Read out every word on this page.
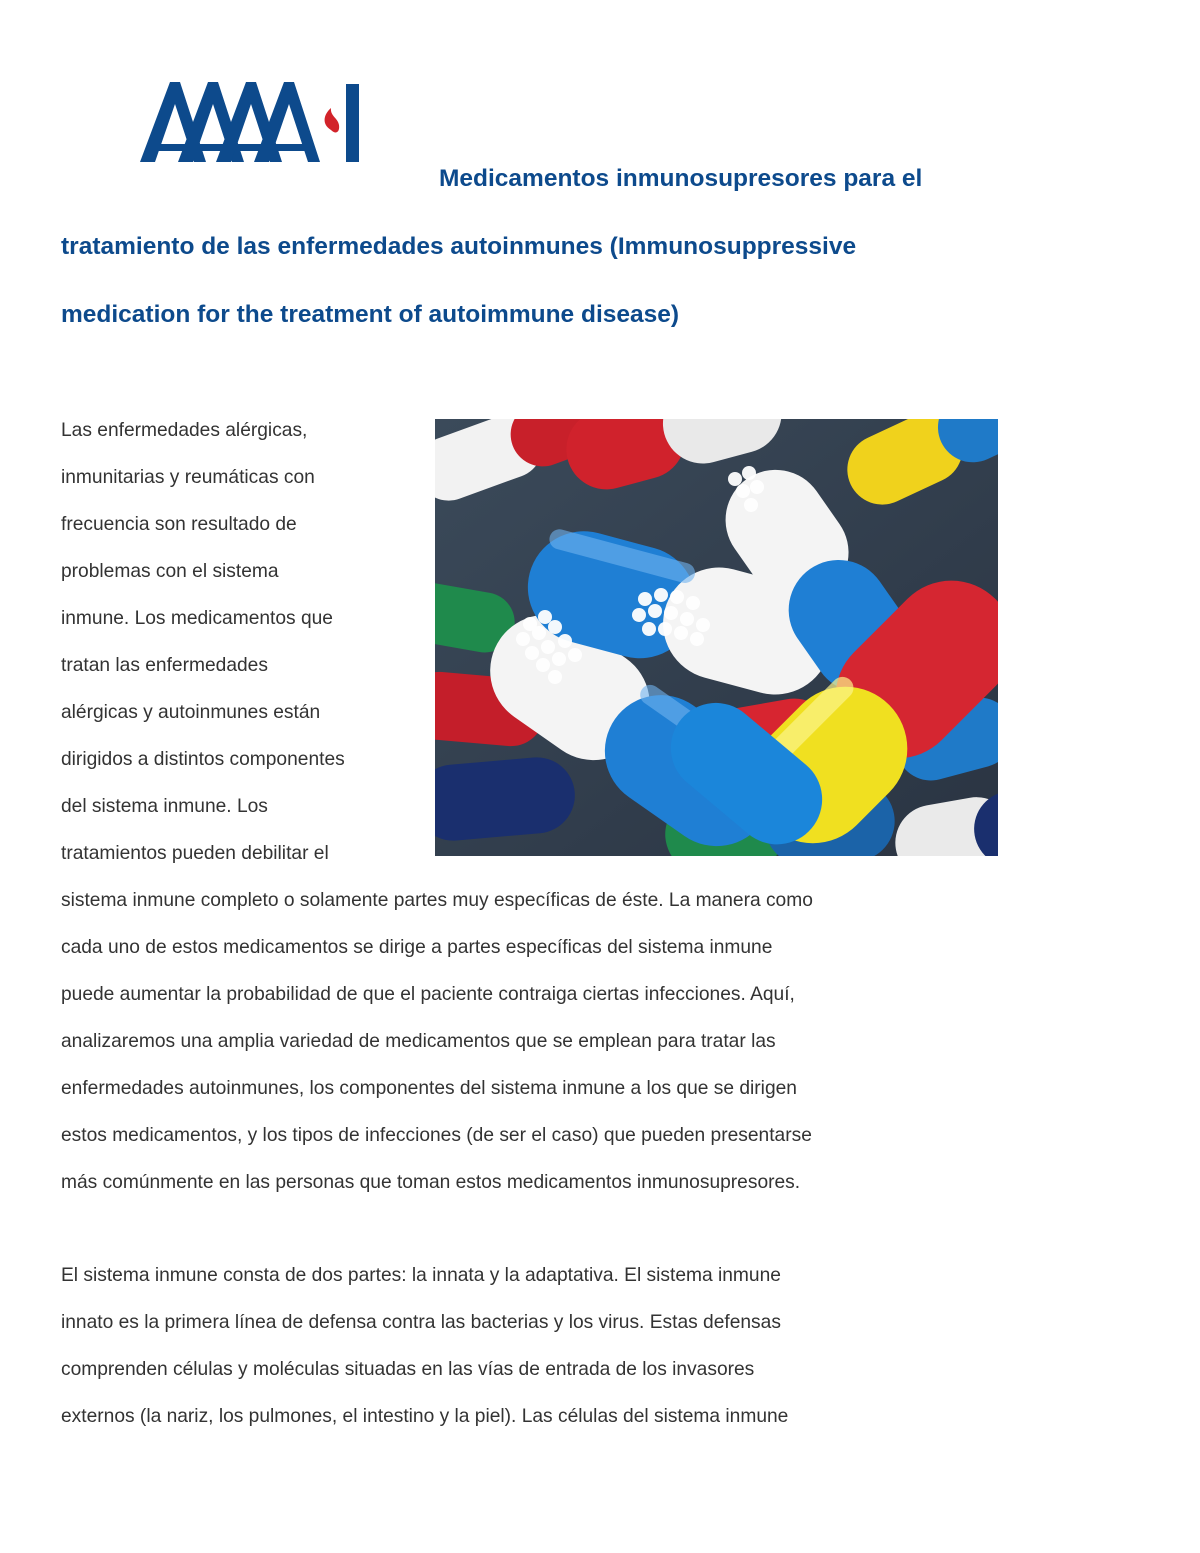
Medicamentos inmunosupresores para el
tratamiento de las enfermedades autoinmunes (Immunosuppressive
medication for the treatment of autoimmune disease)
Las enfermedades alérgicas,
inmunitarias y reumáticas con
frecuencia son resultado de
problemas con el sistema
inmune. Los medicamentos que
tratan las enfermedades
alérgicas y autoinmunes están
dirigidos a distintos componentes
del sistema inmune. Los
tratamientos pueden debilitar el
sistema inmune completo o solamente partes muy específicas de éste. La manera como
cada uno de estos medicamentos se dirige a partes específicas del sistema inmune
puede aumentar la probabilidad de que el paciente contraiga ciertas infecciones. Aquí,
analizaremos una amplia variedad de medicamentos que se emplean para tratar las
enfermedades autoinmunes, los componentes del sistema inmune a los que se dirigen
estos medicamentos, y los tipos de infecciones (de ser el caso) que pueden presentarse
más comúnmente en las personas que toman estos medicamentos inmunosupresores.
El sistema inmune consta de dos partes: la innata y la adaptativa. El sistema inmune
innato es la primera línea de defensa contra las bacterias y los virus. Estas defensas
comprenden células y moléculas situadas en las vías de entrada de los invasores
externos (la nariz, los pulmones, el intestino y la piel). Las células del sistema inmune
